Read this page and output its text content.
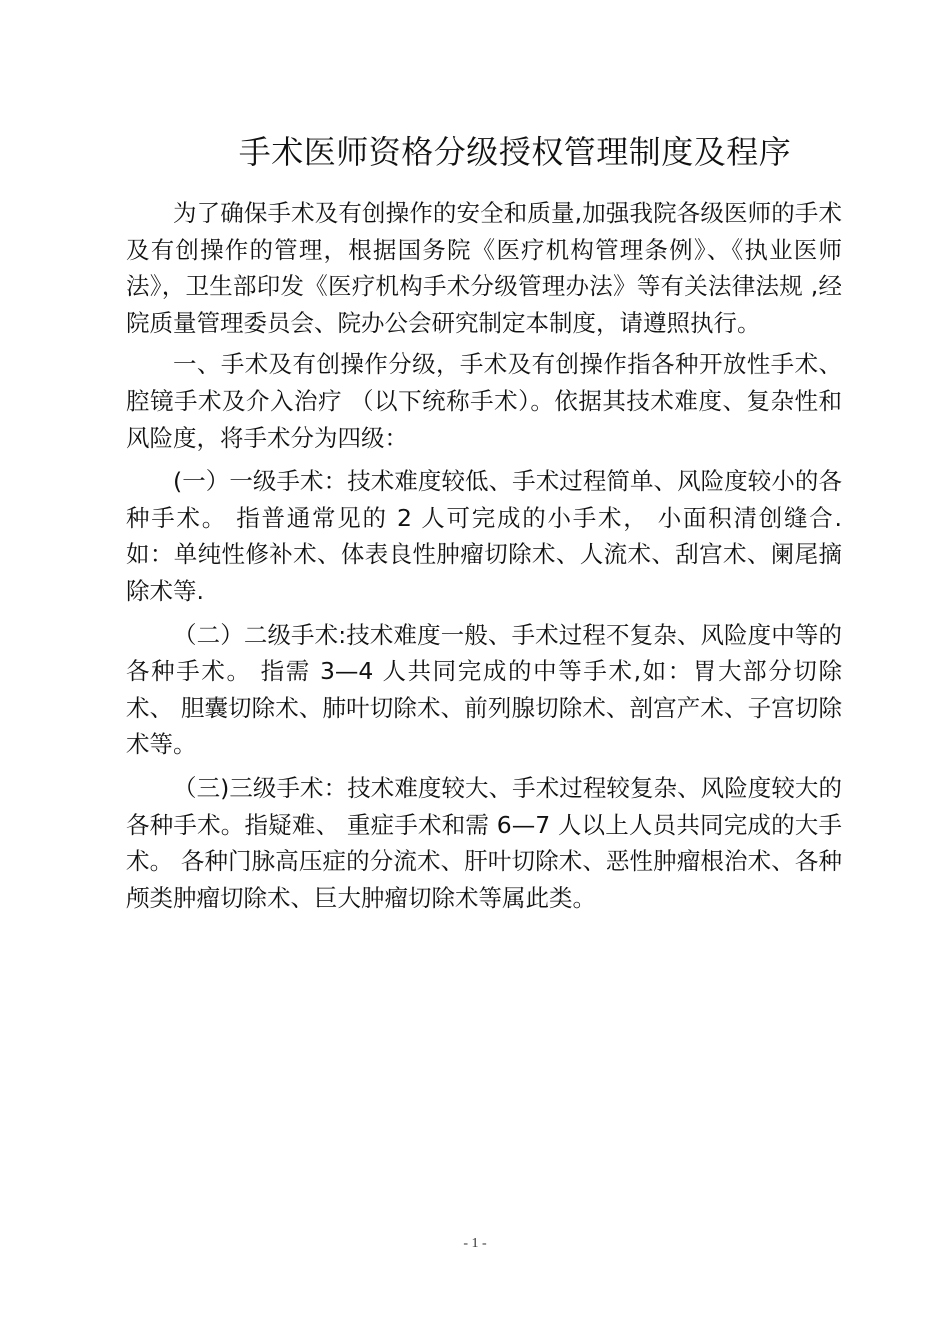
手术医师资格分级授权管理制度及程序

为了确保手术及有创操作的安全和质量,加强我院各级医师的手术及有创操作的管理，根据国务院《医疗机构管理条例》、《执业医师法》，卫生部印发《医疗机构手术分级管理办法》等有关法律法规 ,经院质量管理委员会、院办公会研究制定本制度，请遵照执行。

一、手术及有创操作分级，手术及有创操作指各种开放性手术、 腔镜手术及介入治疗 （以下统称手术）。依据其技术难度、复杂性和风险度，将手术分为四级：

(一）一级手术：技术难度较低、手术过程简单、风险度较小的各种手术。 指普通常见的 2 人可完成的小手术， 小面积清创缝合. 如：单纯性修补术、体表良性肿瘤切除术、人流术、刮宫术、阑尾摘除术等.

（二）二级手术:技术难度一般、手术过程不复杂、风险度中等的各种手术。 指需 3—4 人共同完成的中等手术,如：胃大部分切除术、 胆囊切除术、肺叶切除术、前列腺切除术、剖宫产术、子宫切除术等。

（三)三级手术：技术难度较大、手术过程较复杂、风险度较大的各种手术。指疑难、 重症手术和需 6—7 人以上人员共同完成的大手术。 各种门脉高压症的分流术、肝叶切除术、恶性肿瘤根治术、各种颅类肿瘤切除术、巨大肿瘤切除术等属此类。

- 1 -
